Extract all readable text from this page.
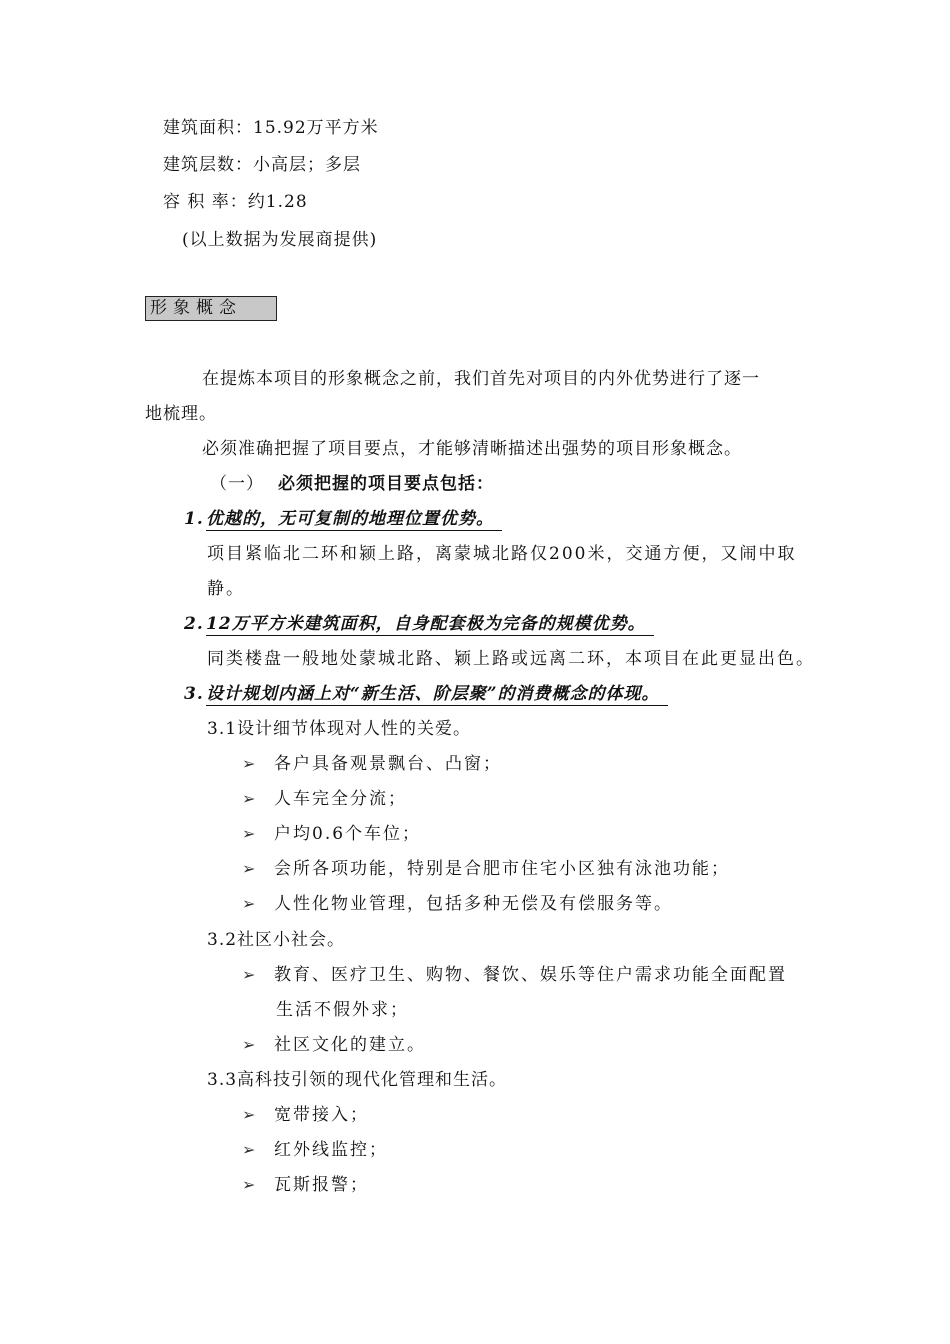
建筑面积：15.92万平方米
建筑层数：小高层；多层
容 积 率：约1.28
(以上数据为发展商提供)
形象概念
在提炼本项目的形象概念之前，我们首先对项目的内外优势进行了逐一
地梳理。
必须准确把握了项目要点，才能够清晰描述出强势的项目形象概念。
（一） 必须把握的项目要点包括：
1. 优越的，无可复制的地理位置优势。
项目紧临北二环和颍上路，离蒙城北路仅200米，交通方便，又闹中取
静。
2. 12万平方米建筑面积，自身配套极为完备的规模优势。
同类楼盘一般地处蒙城北路、颖上路或远离二环，本项目在此更显出色。
3. 设计规划内涵上对“新生活、阶层聚”的消费概念的体现。
3.1设计细节体现对人性的关爱。
➢ 各户具备观景飘台、凸窗；
➢ 人车完全分流；
➢ 户均0.6个车位；
➢ 会所各项功能，特别是合肥市住宅小区独有泳池功能；
➢ 人性化物业管理，包括多种无偿及有偿服务等。
3.2社区小社会。
➢ 教育、医疗卫生、购物、餐饮、娱乐等住户需求功能全面配置
生活不假外求；
➢ 社区文化的建立。
3.3高科技引领的现代化管理和生活。
➢ 宽带接入；
➢ 红外线监控；
➢ 瓦斯报警；
